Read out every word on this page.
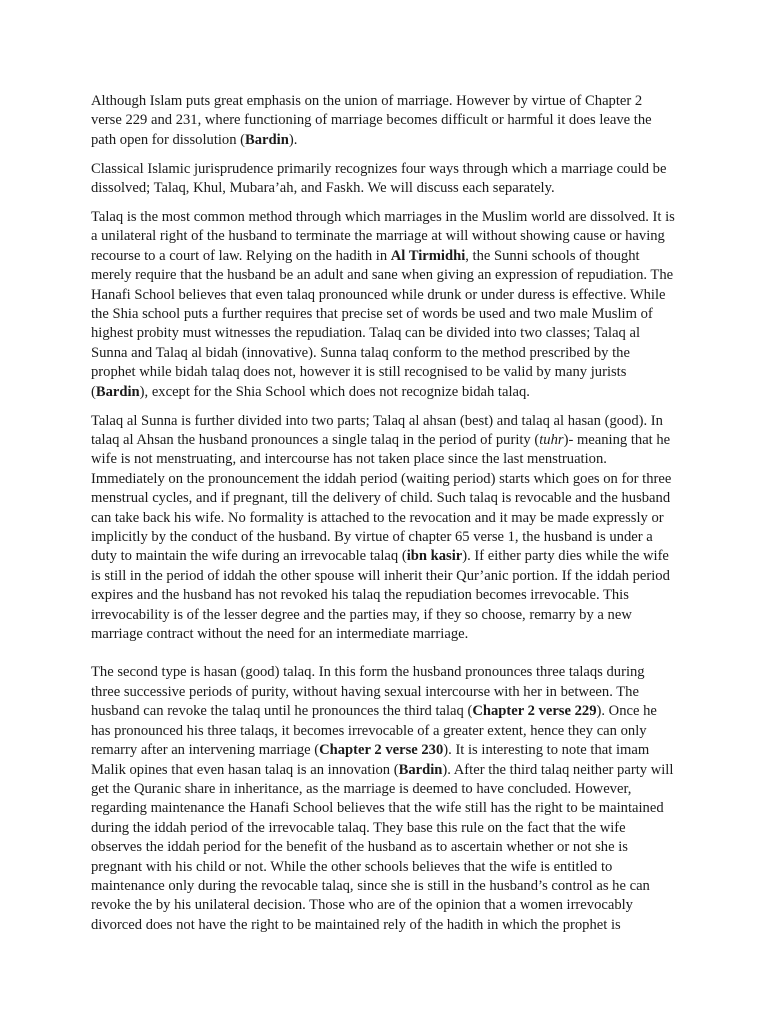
Although Islam puts great emphasis on the union of marriage. However by virtue of Chapter 2 verse 229 and 231, where functioning of marriage becomes difficult or harmful it does leave the path open for dissolution (Bardin).

Classical Islamic jurisprudence primarily recognizes four ways through which a marriage could be dissolved; Talaq, Khul, Mubara’ah, and Faskh. We will discuss each separately.

Talaq is the most common method through which marriages in the Muslim world are dissolved. It is a unilateral right of the husband to terminate the marriage at will without showing cause or having recourse to a court of law. Relying on the hadith in Al Tirmidhi, the Sunni schools of thought merely require that the husband be an adult and sane when giving an expression of repudiation. The Hanafi School believes that even talaq pronounced while drunk or under duress is effective. While the Shia school puts a further requires that precise set of words be used and two male Muslim of highest probity must witnesses the repudiation. Talaq can be divided into two classes; Talaq al Sunna and Talaq al bidah (innovative). Sunna talaq conform to the method prescribed by the prophet while bidah talaq does not, however it is still recognised to be valid by many jurists (Bardin), except for the Shia School which does not recognize bidah talaq.

Talaq al Sunna is further divided into two parts; Talaq al ahsan (best) and talaq al hasan (good). In talaq al Ahsan the husband pronounces a single talaq in the period of purity (tuhr)- meaning that he wife is not menstruating, and intercourse has not taken place since the last menstruation. Immediately on the pronouncement the iddah period (waiting period) starts which goes on for three menstrual cycles, and if pregnant, till the delivery of child. Such talaq is revocable and the husband can take back his wife. No formality is attached to the revocation and it may be made expressly or implicitly by the conduct of the husband. By virtue of chapter 65 verse 1, the husband is under a duty to maintain the wife during an irrevocable talaq (ibn kasir). If either party dies while the wife is still in the period of iddah the other spouse will inherit their Qur’anic portion. If the iddah period expires and the husband has not revoked his talaq the repudiation becomes irrevocable. This irrevocability is of the lesser degree and the parties may, if they so choose, remarry by a new marriage contract without the need for an intermediate marriage.

The second type is hasan (good) talaq. In this form the husband pronounces three talaqs during three successive periods of purity, without having sexual intercourse with her in between. The husband can revoke the talaq until he pronounces the third talaq (Chapter 2 verse 229). Once he has pronounced his three talaqs, it becomes irrevocable of a greater extent, hence they can only remarry after an intervening marriage (Chapter 2 verse 230). It is interesting to note that imam Malik opines that even hasan talaq is an innovation (Bardin). After the third talaq neither party will get the Quranic share in inheritance, as the marriage is deemed to have concluded. However, regarding maintenance the Hanafi School believes that the wife still has the right to be maintained during the iddah period of the irrevocable talaq. They base this rule on the fact that the wife observes the iddah period for the benefit of the husband as to ascertain whether or not she is pregnant with his child or not. While the other schools believes that the wife is entitled to maintenance only during the revocable talaq, since she is still in the husband’s control as he can revoke the by his unilateral decision. Those who are of the opinion that a women irrevocably divorced does not have the right to be maintained rely of the hadith in which the prophet is
